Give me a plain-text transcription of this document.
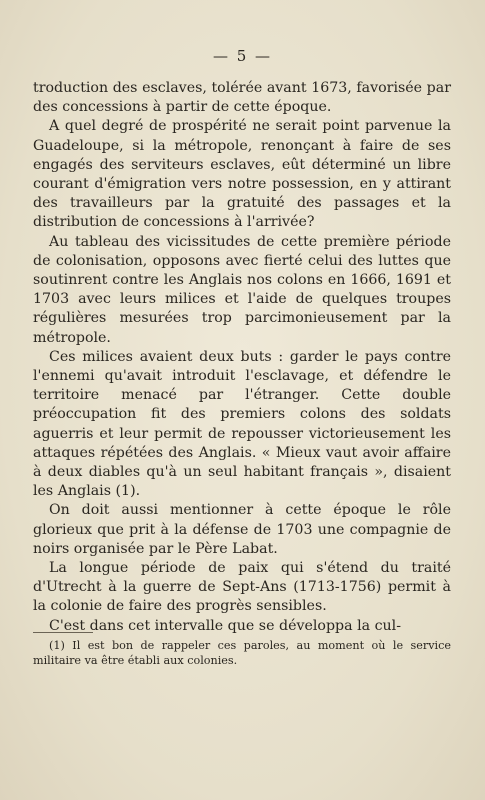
— 5 —

troduction des esclaves, tolérée avant 1673, favorisée par des concessions à partir de cette époque.

A quel degré de prospérité ne serait point parvenue la Guadeloupe, si la métropole, renonçant à faire de ses engagés des serviteurs esclaves, eût déterminé un libre courant d'émigration vers notre possession, en y attirant des travailleurs par la gratuité des passages et la distribution de concessions à l'arrivée?

Au tableau des vicissitudes de cette première période de colonisation, opposons avec fierté celui des luttes que soutinrent contre les Anglais nos colons en 1666, 1691 et 1703 avec leurs milices et l'aide de quelques troupes régulières mesurées trop parcimonieusement par la métropole.

Ces milices avaient deux buts : garder le pays contre l'ennemi qu'avait introduit l'esclavage, et défendre le territoire menacé par l'étranger. Cette double préoccupation fit des premiers colons des soldats aguerris et leur permit de repousser victorieusement les attaques répétées des Anglais. « Mieux vaut avoir affaire à deux diables qu'à un seul habitant français », disaient les Anglais (1).

On doit aussi mentionner à cette époque le rôle glorieux que prit à la défense de 1703 une compagnie de noirs organisée par le Père Labat.

La longue période de paix qui s'étend du traité d'Utrecht à la guerre de Sept-Ans (1713-1756) permit à la colonie de faire des progrès sensibles.

C'est dans cet intervalle que se développa la cul-

(1) Il est bon de rappeler ces paroles, au moment où le service militaire va être établi aux colonies.
